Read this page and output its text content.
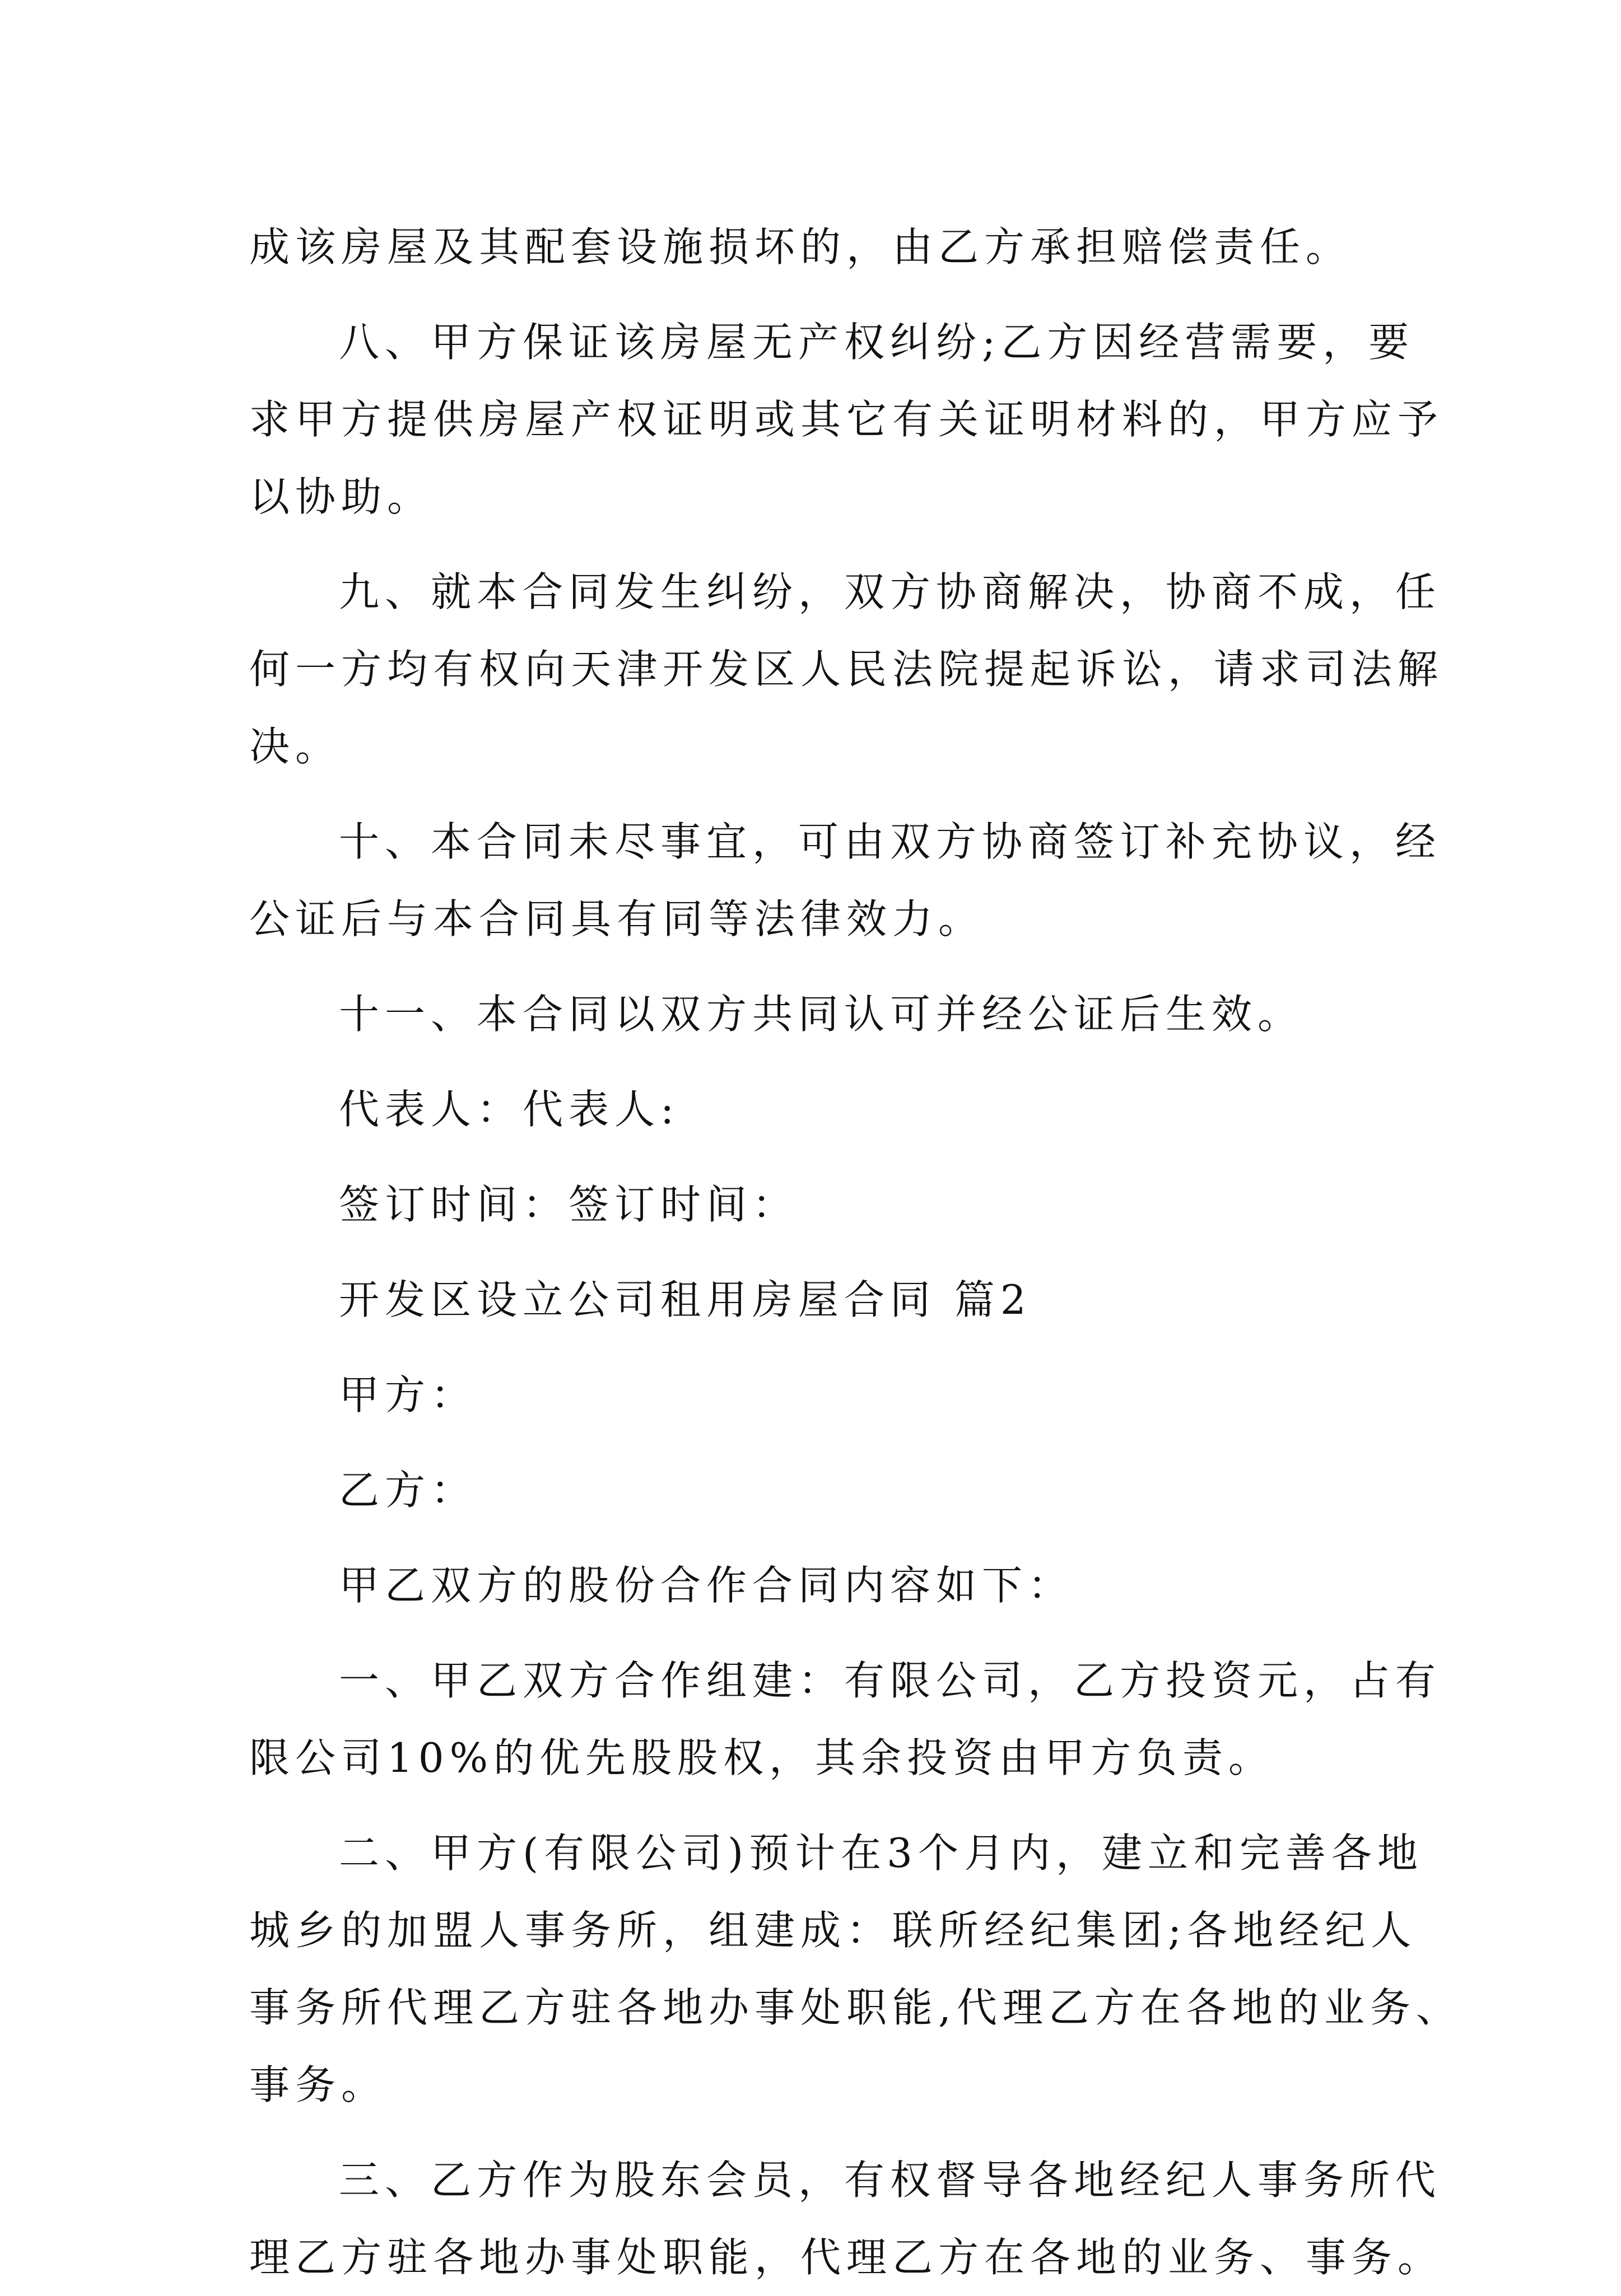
成该房屋及其配套设施损坏的，由乙方承担赔偿责任。
八、甲方保证该房屋无产权纠纷;乙方因经营需要，要
求甲方提供房屋产权证明或其它有关证明材料的，甲方应予
以协助。
九、就本合同发生纠纷，双方协商解决，协商不成，任
何一方均有权向天津开发区人民法院提起诉讼，请求司法解
决。
十、本合同未尽事宜，可由双方协商签订补充协议，经
公证后与本合同具有同等法律效力。
十一、本合同以双方共同认可并经公证后生效。
代表人：代表人:
签订时间：签订时间：
开发区设立公司租用房屋合同 篇2
甲方：
乙方：
甲乙双方的股份合作合同内容如下：
一、甲乙双方合作组建：有限公司，乙方投资元，占有
限公司10%的优先股股权，其余投资由甲方负责。
二、甲方(有限公司)预计在3个月内，建立和完善各地
城乡的加盟人事务所，组建成：联所经纪集团;各地经纪人
事务所代理乙方驻各地办事处职能,代理乙方在各地的业务、
事务。
三、乙方作为股东会员，有权督导各地经纪人事务所代
理乙方驻各地办事处职能，代理乙方在各地的业务、事务。
